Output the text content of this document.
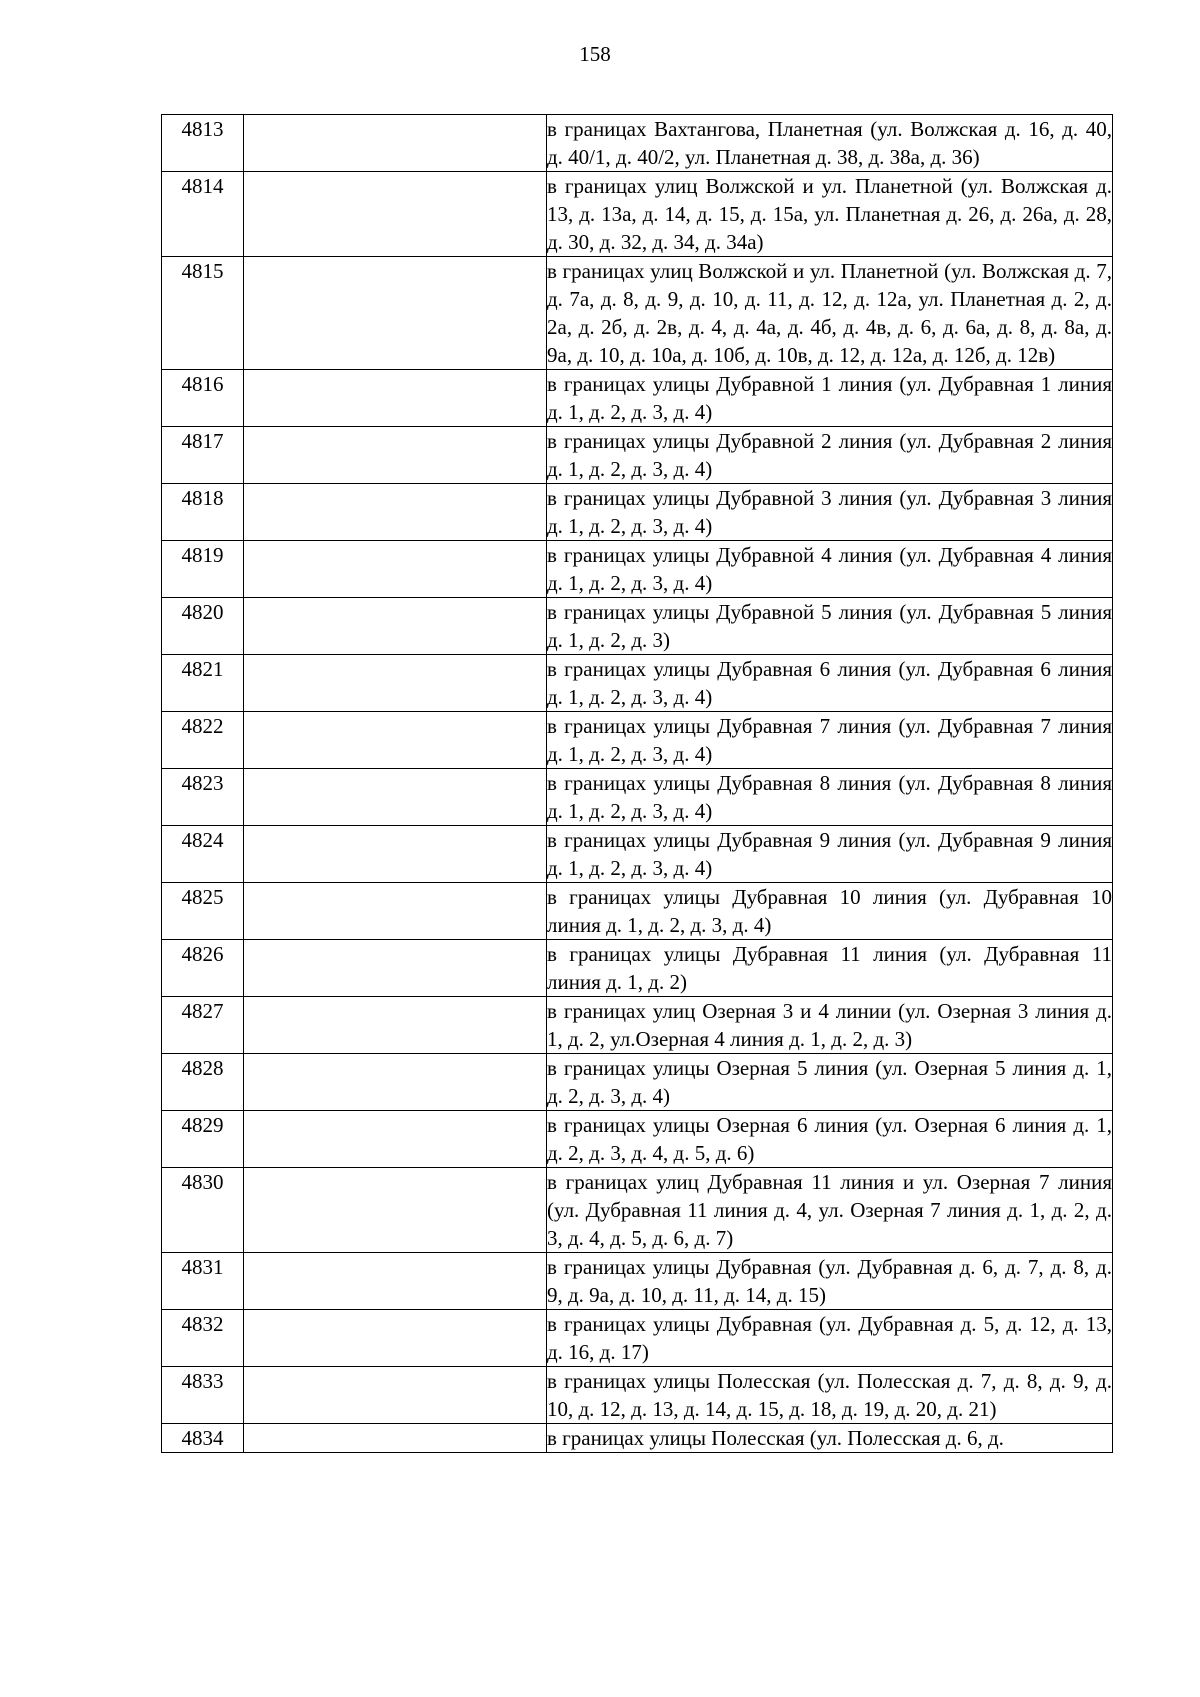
158
4813		в границах Вахтангова, Планетная (ул. Волжская д. 16, д. 40, д. 40/1, д. 40/2, ул. Планетная д. 38, д. 38а, д. 36)

4814		в границах улиц Волжской и ул. Планетной (ул. Волжская д. 13, д. 13а, д. 14, д. 15, д. 15а, ул. Планетная д. 26, д. 26а, д. 28, д. 30, д. 32, д. 34, д. 34а)

4815		в границах улиц Волжской и ул. Планетной (ул. Волжская д. 7, д. 7а, д. 8, д. 9, д. 10, д. 11, д. 12, д. 12а, ул. Планетная д. 2, д. 2а, д. 2б, д. 2в, д. 4, д. 4а, д. 4б, д. 4в, д. 6, д. 6а, д. 8, д. 8а, д. 9а, д. 10, д. 10а, д. 10б, д. 10в, д. 12, д. 12а, д. 12б, д. 12в)

4816		в границах улицы Дубравной 1 линия (ул. Дубравная 1 линия д. 1, д. 2, д. 3, д. 4)

4817		в границах улицы Дубравной 2 линия (ул. Дубравная 2 линия д. 1, д. 2, д. 3, д. 4)

4818		в границах улицы Дубравной 3 линия (ул. Дубравная 3 линия д. 1, д. 2, д. 3, д. 4)

4819		в границах улицы Дубравной 4 линия (ул. Дубравная 4 линия д. 1, д. 2, д. 3, д. 4)

4820		в границах улицы Дубравной 5 линия (ул. Дубравная 5 линия д. 1, д. 2, д. 3)

4821		в границах улицы Дубравная 6 линия (ул. Дубравная 6 линия д. 1, д. 2, д. 3, д. 4)

4822		в границах улицы Дубравная 7 линия (ул. Дубравная 7 линия д. 1, д. 2, д. 3, д. 4)

4823		в границах улицы Дубравная 8 линия (ул. Дубравная 8 линия д. 1, д. 2, д. 3, д. 4)

4824		в границах улицы Дубравная 9 линия (ул. Дубравная 9 линия д. 1, д. 2, д. 3, д. 4)

4825		в границах улицы Дубравная 10 линия (ул. Дубравная 10 линия д. 1, д. 2, д. 3, д. 4)

4826		в границах улицы Дубравная 11 линия (ул. Дубравная 11 линия д. 1, д. 2)

4827		в границах улиц Озерная 3 и 4 линии (ул. Озерная 3 линия д. 1, д. 2, ул.Озерная 4 линия д. 1, д. 2, д. 3)

4828		в границах улицы Озерная 5 линия (ул. Озерная 5 линия д. 1, д. 2, д. 3, д. 4)

4829		в границах улицы Озерная 6 линия (ул. Озерная 6 линия д. 1, д. 2, д. 3, д. 4, д. 5, д. 6)

4830		в границах улиц Дубравная 11 линия и ул. Озерная 7 линия (ул. Дубравная 11 линия д. 4, ул. Озерная 7 линия д. 1, д. 2, д. 3, д. 4, д. 5, д. 6, д. 7)

4831		в границах улицы Дубравная (ул. Дубравная д. 6, д. 7, д. 8, д. 9, д. 9а, д. 10, д. 11, д. 14, д. 15)

4832		в границах улицы Дубравная (ул. Дубравная д. 5, д. 12, д. 13, д. 16, д. 17)

4833		в границах улицы Полесская (ул. Полесская д. 7, д. 8, д. 9, д. 10, д. 12, д. 13, д. 14, д. 15, д. 18, д. 19, д. 20, д. 21)

4834		в границах улицы Полесская (ул. Полесская д. 6, д.
